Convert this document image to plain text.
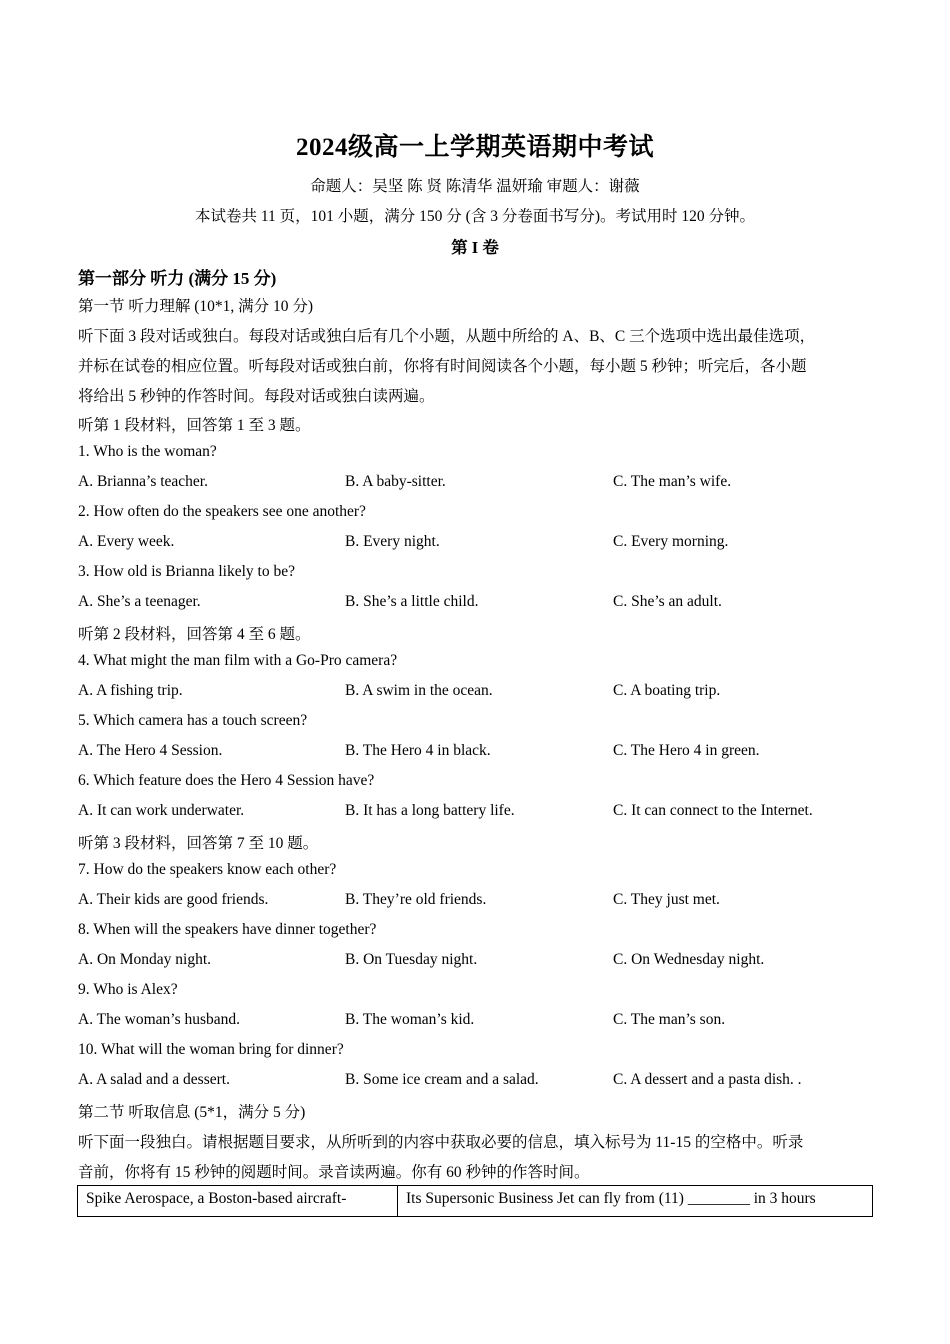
2024级高一上学期英语期中考试
命题人：吴坚 陈 贤 陈清华 温妍瑜 审题人：谢薇
本试卷共 11 页，101 小题，满分 150 分 (含 3 分卷面书写分)。考试用时 120 分钟。
第 I 卷
第一部分 听力 (满分 15 分)
第一节 听力理解 (10*1, 满分 10 分)
听下面 3 段对话或独白。每段对话或独白后有几个小题，从题中所给的 A、B、C 三个选项中选出最佳选项，
并标在试卷的相应位置。听每段对话或独白前，你将有时间阅读各个小题，每小题 5 秒钟；听完后，各小题
将给出 5 秒钟的作答时间。每段对话或独白读两遍。
听第 1 段材料，回答第 1 至 3 题。
1. Who is the woman?
A. Brianna’s teacher.	B. A baby-sitter.	C. The man’s wife.
2. How often do the speakers see one another?
A. Every week.	B. Every night.	C. Every morning.
3. How old is Brianna likely to be?
A. She’s a teenager.	B. She’s a little child.	C. She’s an adult.
听第 2 段材料，回答第 4 至 6 题。
4. What might the man film with a Go-Pro camera?
A. A fishing trip.	B. A swim in the ocean.	C. A boating trip.
5. Which camera has a touch screen?
A. The Hero 4 Session.	B. The Hero 4 in black.	C. The Hero 4 in green.
6. Which feature does the Hero 4 Session have?
A. It can work underwater.	B. It has a long battery life.	C. It can connect to the Internet.
听第 3 段材料，回答第 7 至 10 题。
7. How do the speakers know each other?
A. Their kids are good friends.	B. They’re old friends.	C. They just met.
8. When will the speakers have dinner together?
A. On Monday night.	B. On Tuesday night.	C. On Wednesday night.
9. Who is Alex?
A. The woman’s husband.	B. The woman’s kid.	C. The man’s son.
10. What will the woman bring for dinner?
A. A salad and a dessert.	B. Some ice cream and a salad.	C. A dessert and a pasta dish. .
第二节 听取信息 (5*1，满分 5 分)
听下面一段独白。请根据题目要求，从所听到的内容中获取必要的信息，填入标号为 11-15 的空格中。听录
音前，你将有 15 秒钟的阅题时间。录音读两遍。你有 60 秒钟的作答时间。
Spike Aerospace, a Boston-based aircraft-	Its Supersonic Business Jet can fly from (11) ________ in 3 hours
